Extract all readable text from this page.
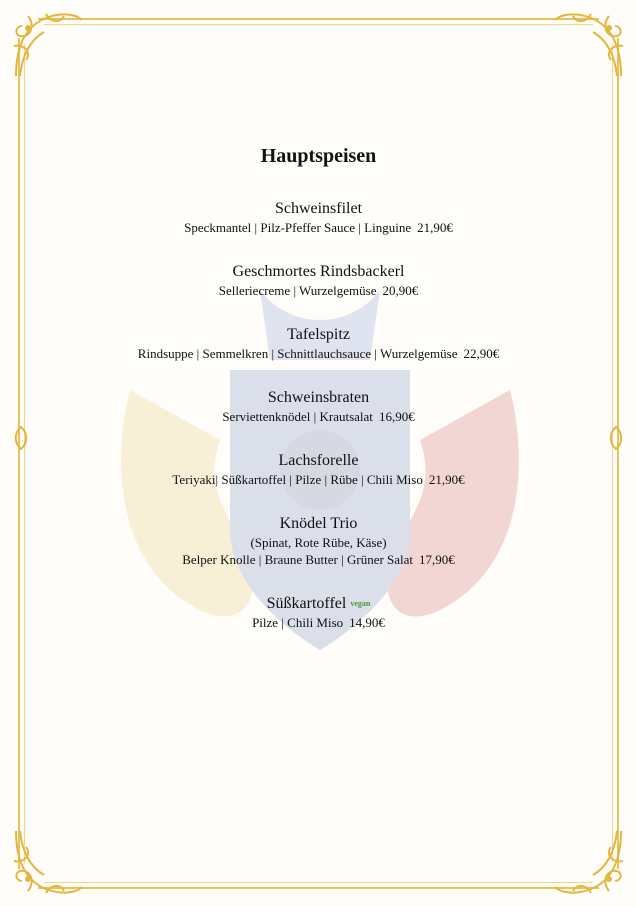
Hauptspeisen
Schweinsfilet
Speckmantel | Pilz-Pfeffer Sauce | Linguine 21,90€
Geschmortes Rindsbackerl
Selleriecreme | Wurzelgemüse 20,90€
Tafelspitz
Rindsuppe | Semmelkren | Schnittlauchsauce | Wurzelgemüse 22,90€
Schweinsbraten
Serviettenknödel | Krautsalat 16,90€
Lachsforelle
Teriyaki| Süßkartoffel | Pilze | Rübe | Chili Miso 21,90€
Knödel Trio
(Spinat, Rote Rübe, Käse)
Belper Knolle | Braune Butter | Grüner Salat 17,90€
Süßkartoffel vegan
Pilze | Chili Miso 14,90€
